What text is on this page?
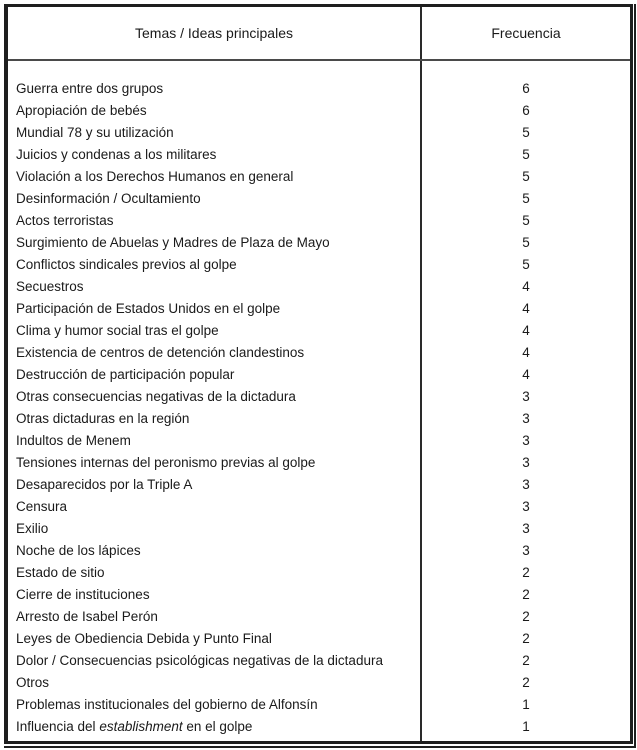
Temas / Ideas principales	Frecuencia
Guerra entre dos grupos	6
Apropiación de bebés	6
Mundial 78 y su utilización	5
Juicios y condenas a los militares	5
Violación a los Derechos Humanos en general	5
Desinformación / Ocultamiento	5
Actos terroristas	5
Surgimiento de Abuelas y Madres de Plaza de Mayo	5
Conflictos sindicales previos al golpe	5
Secuestros	4
Participación de Estados Unidos en el golpe	4
Clima y humor social tras el golpe	4
Existencia de centros de detención clandestinos	4
Destrucción de participación popular	4
Otras consecuencias negativas de la dictadura	3
Otras dictaduras en la región	3
Indultos de Menem	3
Tensiones internas del peronismo previas al golpe	3
Desaparecidos por la Triple A	3
Censura	3
Exilio	3
Noche de los lápices	3
Estado de sitio	2
Cierre de instituciones	2
Arresto de Isabel Perón	2
Leyes de Obediencia Debida y Punto Final	2
Dolor / Consecuencias psicológicas negativas de la dictadura	2
Otros	2
Problemas institucionales del gobierno de Alfonsín	1
Influencia del establishment en el golpe	1
